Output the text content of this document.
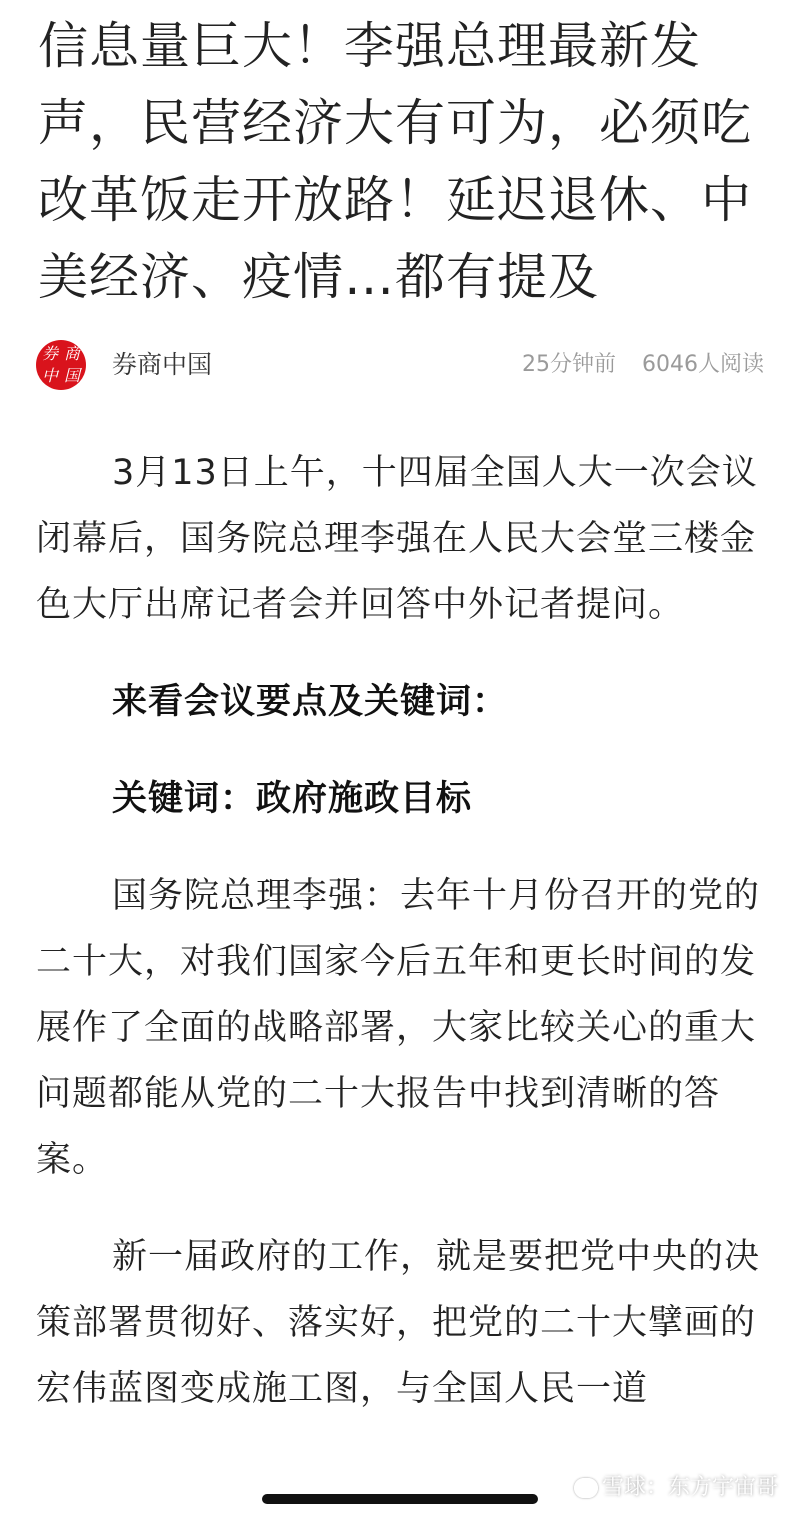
信息量巨大！李强总理最新发声，民营经济大有可为，必须吃改革饭走开放路！延迟退休、中美经济、疫情…都有提及
券 商
中 国 券商中国	25分钟前 6046人阅读

3月13日上午，十四届全国人大一次会议闭幕后，国务院总理李强在人民大会堂三楼金色大厅出席记者会并回答中外记者提问。

来看会议要点及关键词：

关键词：政府施政目标

国务院总理李强：去年十月份召开的党的二十大，对我们国家今后五年和更长时间的发展作了全面的战略部署，大家比较关心的重大问题都能从党的二十大报告中找到清晰的答案。

新一届政府的工作，就是要把党中央的决策部署贯彻好、落实好，把党的二十大擘画的宏伟蓝图变成施工图，与全国人民一道

雪球：东方宇宙哥
